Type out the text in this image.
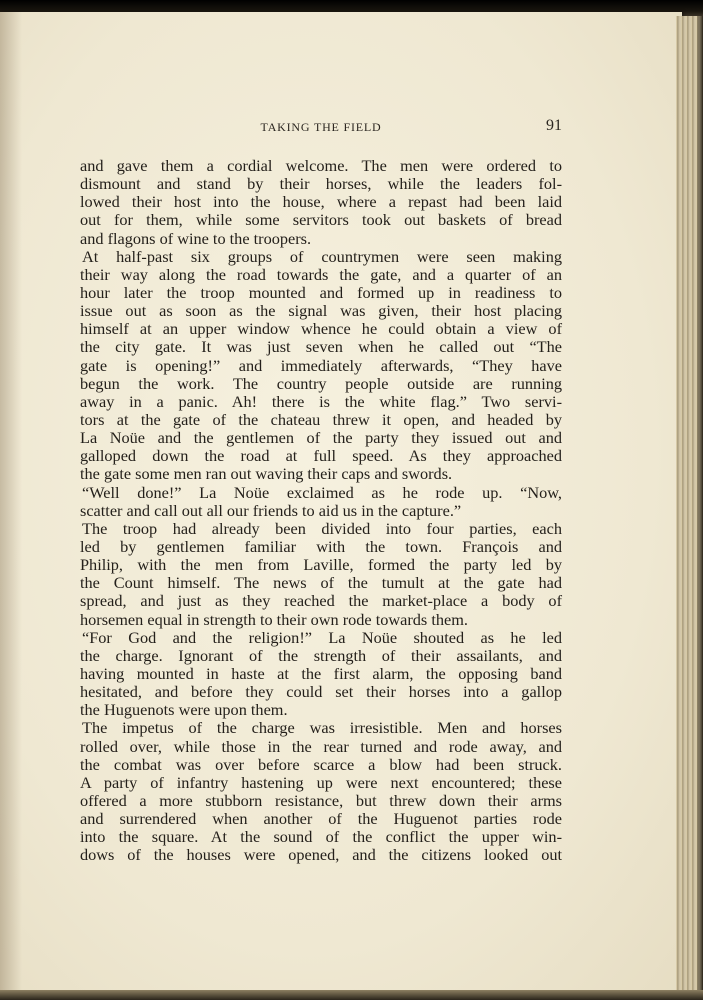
TAKING THE FIELD	91
and gave them a cordial welcome. The men were ordered to
dismount and stand by their horses, while the leaders fol-
lowed their host into the house, where a repast had been laid
out for them, while some servitors took out baskets of bread
and flagons of wine to the troopers.
At half-past six groups of countrymen were seen making
their way along the road towards the gate, and a quarter of an
hour later the troop mounted and formed up in readiness to
issue out as soon as the signal was given, their host placing
himself at an upper window whence he could obtain a view of
the city gate. It was just seven when he called out “The
gate is opening!” and immediately afterwards, “They have
begun the work. The country people outside are running
away in a panic. Ah! there is the white flag.” Two servi-
tors at the gate of the chateau threw it open, and headed by
La Noüe and the gentlemen of the party they issued out and
galloped down the road at full speed. As they approached
the gate some men ran out waving their caps and swords.
“Well done!” La Noüe exclaimed as he rode up. “Now,
scatter and call out all our friends to aid us in the capture.”
The troop had already been divided into four parties, each
led by gentlemen familiar with the town. François and
Philip, with the men from Laville, formed the party led by
the Count himself. The news of the tumult at the gate had
spread, and just as they reached the market-place a body of
horsemen equal in strength to their own rode towards them.
“For God and the religion!” La Noüe shouted as he led
the charge. Ignorant of the strength of their assailants, and
having mounted in haste at the first alarm, the opposing band
hesitated, and before they could set their horses into a gallop
the Huguenots were upon them.
The impetus of the charge was irresistible. Men and horses
rolled over, while those in the rear turned and rode away, and
the combat was over before scarce a blow had been struck.
A party of infantry hastening up were next encountered; these
offered a more stubborn resistance, but threw down their arms
and surrendered when another of the Huguenot parties rode
into the square. At the sound of the conflict the upper win-
dows of the houses were opened, and the citizens looked out
